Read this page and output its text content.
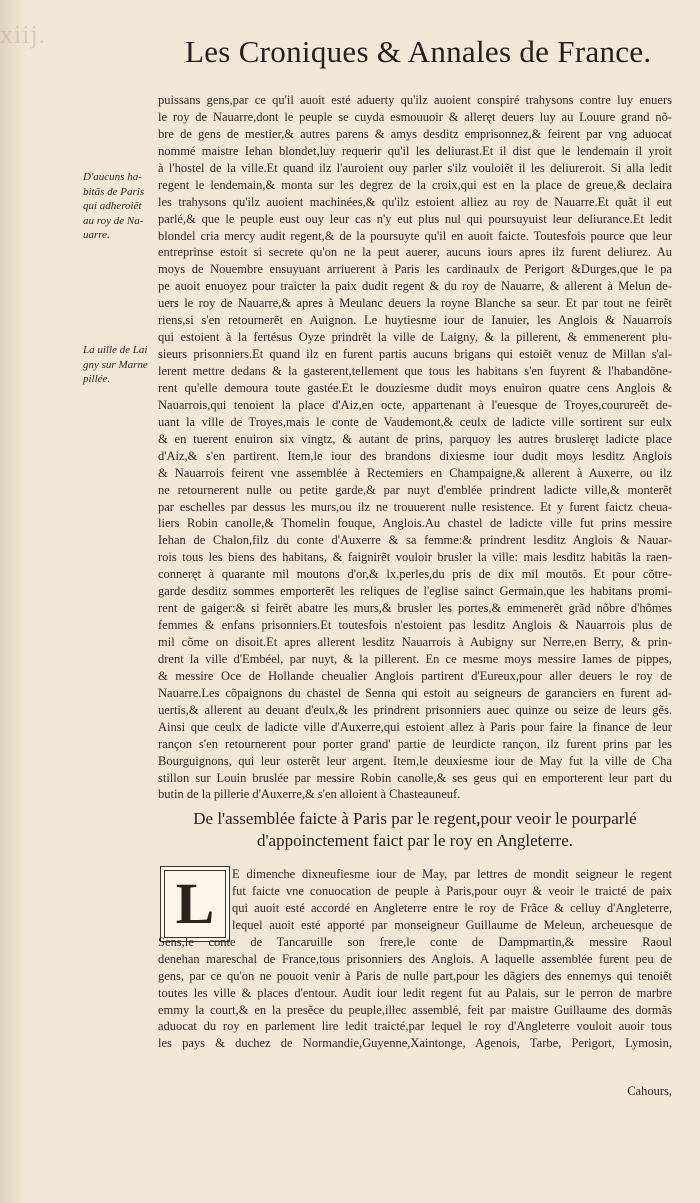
xiij.	Les Croniques & Annales de France.
D'aucuns ha-
bitãs de Paris
qui adheroiẽt
au roy de Na-
uarre.
La uille de Lai
gny sur Marne
pillée.
puissans gens,par ce qu'il auoit esté aduerty qu'ilz auoient conspiré trahysons contre luy enuers
le roy de Nauarre,dont le peuple se cuyda esmouuoir & alleręt deuers luy au Louure grand nõ-
bre de gens de mestier,& autres parens & amys desditz emprisonnez,& feirent par vng aduocat
nommé maistre Iehan blondet,luy requerir qu'il les deliurast.Et il dist que le lendemain il yroit
à l'hostel de la ville.Et quand ilz l'auroient ouy parler s'ilz vouloiẽt il les deliureroit. Si alla ledit
regent le lendemain,& monta sur les degrez de la croix,qui est en la place de greue,& declaira
les trahysons qu'ilz auoient machinées,& qu'ilz estoient alliez au roy de Nauarre.Et quãt il eut
parlé,& que le peuple eust ouy leur cas n'y eut plus nul qui poursuyuist leur deliurance.Et ledit
blondel cria mercy audit regent,& de la poursuyte qu'il en auoit faicte. Toutesfois pource que leur
entreprinse estoit si secrete qu'on ne la peut auerer, aucuns iours apres ilz furent deliurez. Au
moys de Nouembre ensuyuant arriuerent à Paris les cardinaulx de Perigort &Durges,que le pa
pe auoit enuoyez pour traicter la paix dudit regent & du roy de Nauarre, & allerent à Melun de-
uers le roy de Nauarre,& apres à Meulanc deuers la royne Blanche sa seur. Et par tout ne feirẽt
riens,si s'en retournerẽt en Auignon. Le huytiesme iour de Ianuier, les Anglois & Nauarrois
qui estoient à la fertésus Oyze prindrẽt la ville de Laigny, & la pillerent, & emmenerent plu-
sieurs prisonniers.Et quand ilz en furent partis aucuns brigans qui estoiẽt venuz de Millan s'al-
lerent mettre dedans & la gasterent,tellement que tous les habitans s'en fuyrent & l'habandõne-
rent qu'elle demoura toute gastée.Et le douziesme dudit moys enuiron quatre cens Anglois &
Nauarrois,qui tenoient la place d'Aiz,en octe, appartenant à l'euesque de Troyes,courureẽt de-
uant la ville de Troyes,mais le conte de Vaudemont,& ceulx de ladicte ville sortirent sur eulx
& en tuerent enuiron six vingtz, & autant de prins, parquoy les autres brusleręt ladicte place
d'Aiz,& s'en partirent. Item,le iour des brandons dixiesme iour dudit moys lesditz Anglois
& Nauarrois feirent vne assemblée à Rectemiers en Champaigne,& allerent à Auxerre, ou ilz
ne retournerent nulle ou petite garde,& par nuyt d'emblée prindrent ladicte ville,& monterẽt
par eschelles par dessus les murs,ou ilz ne trouuerent nulle resistence. Et y furent faictz cheua-
liers Robin canolle,& Thomelin fouque, Anglois.Au chastel de ladicte ville fut prins messire
Iehan de Chalon,filz du conte d'Auxerre & sa femme:& prindrent lesditz Anglois & Nauar-
rois tous les biens des habitans, & faignirẽt vouloir brusler la ville: mais lesditz habitãs la raen-
conneręt à quarante mil moutons d'or,& lx.perles,du pris de dix mil moutõs. Et pour cõtre-
garde desditz sommes emporterẽt les reliques de l'eglise sainct Germain,que les habitans promi-
rent de gaiger:& si feirẽt abatre les murs,& brusler les portes,& emmenerẽt grãd nõbre d'hõmes
femmes & enfans prisonniers.Et toutesfois n'estoient pas lesditz Anglois & Nauarrois plus de
mil cõme on disoit.Et apres allerent lesditz Nauarrois à Aubigny sur Nerre,en Berry, & prin-
drent la ville d'Embéel, par nuyt, & la pillerent. En ce mesme moys messire Iames de pippes,
& messire Oce de Hollande cheualier Anglois partirent d'Eureux,pour aller deuers le roy de
Nauarre.Les cõpaignons du chastel de Senna qui estoit au seigneurs de garanciers en furent ad-
uertis,& allerent au deuant d'eulx,& les prindrent prisonniers auec quinze ou seize de leurs gẽs.
Ainsi que ceulx de ladicte ville d'Auxerre,qui estoient allez à Paris pour faire la finance de leur
rançon s'en retournerent pour porter grand' partie de leurdicte rançon, ilz furent prins par les
Bourguignons, qui leur osterẽt leur argent. Item,le deuxiesme iour de May fut la ville de Cha
stillon sur Louin bruslée par messire Robin canolle,& ses geus qui en emporterent leur part du
butin de la pillerie d'Auxerre,& s'en alloient à Chasteauneuf.
De l'assemblée faicte à Paris par le regent,pour veoir le pourparlé
d'appoinctement faict par le roy en Angleterre.
L	E dimenche dixneufiesme iour de May, par lettres de mondit seigneur le regent
fut faicte vne conuocation de peuple à Paris,pour ouyr & veoir le traicté de paix
qui auoit esté accordé en Angleterre entre le roy de Frãce & celluy d'Angleterre,
lequel auoit esté apporté par monseigneur Guillaume de Meleun, archeuesque de
Sens,le conte de Tancaruille son frere,le conte de Dampmartin,& messire Raoul
denehan mareschal de France,tous prisonniers des Anglois. A laquelle assemblée furent peu de
gens, par ce qu'on ne pouoit venir à Paris de nulle part,pour les dãgiers des ennemys qui tenoiẽt
toutes les ville & places d'entour. Audit iour ledit regent fut au Palais, sur le perron de marbre
emmy la court,& en la presẽce du peuple,illec assemblé, feit par maistre Guillaume des dormãs
aduocat du roy en parlement lire ledit traicté,par lequel le roy d'Angleterre vouloit auoir tous
les pays & duchez de Normandie,Guyenne,Xaintonge, Agenois, Tarbe, Perigort, Lymosin,
Cahours,
